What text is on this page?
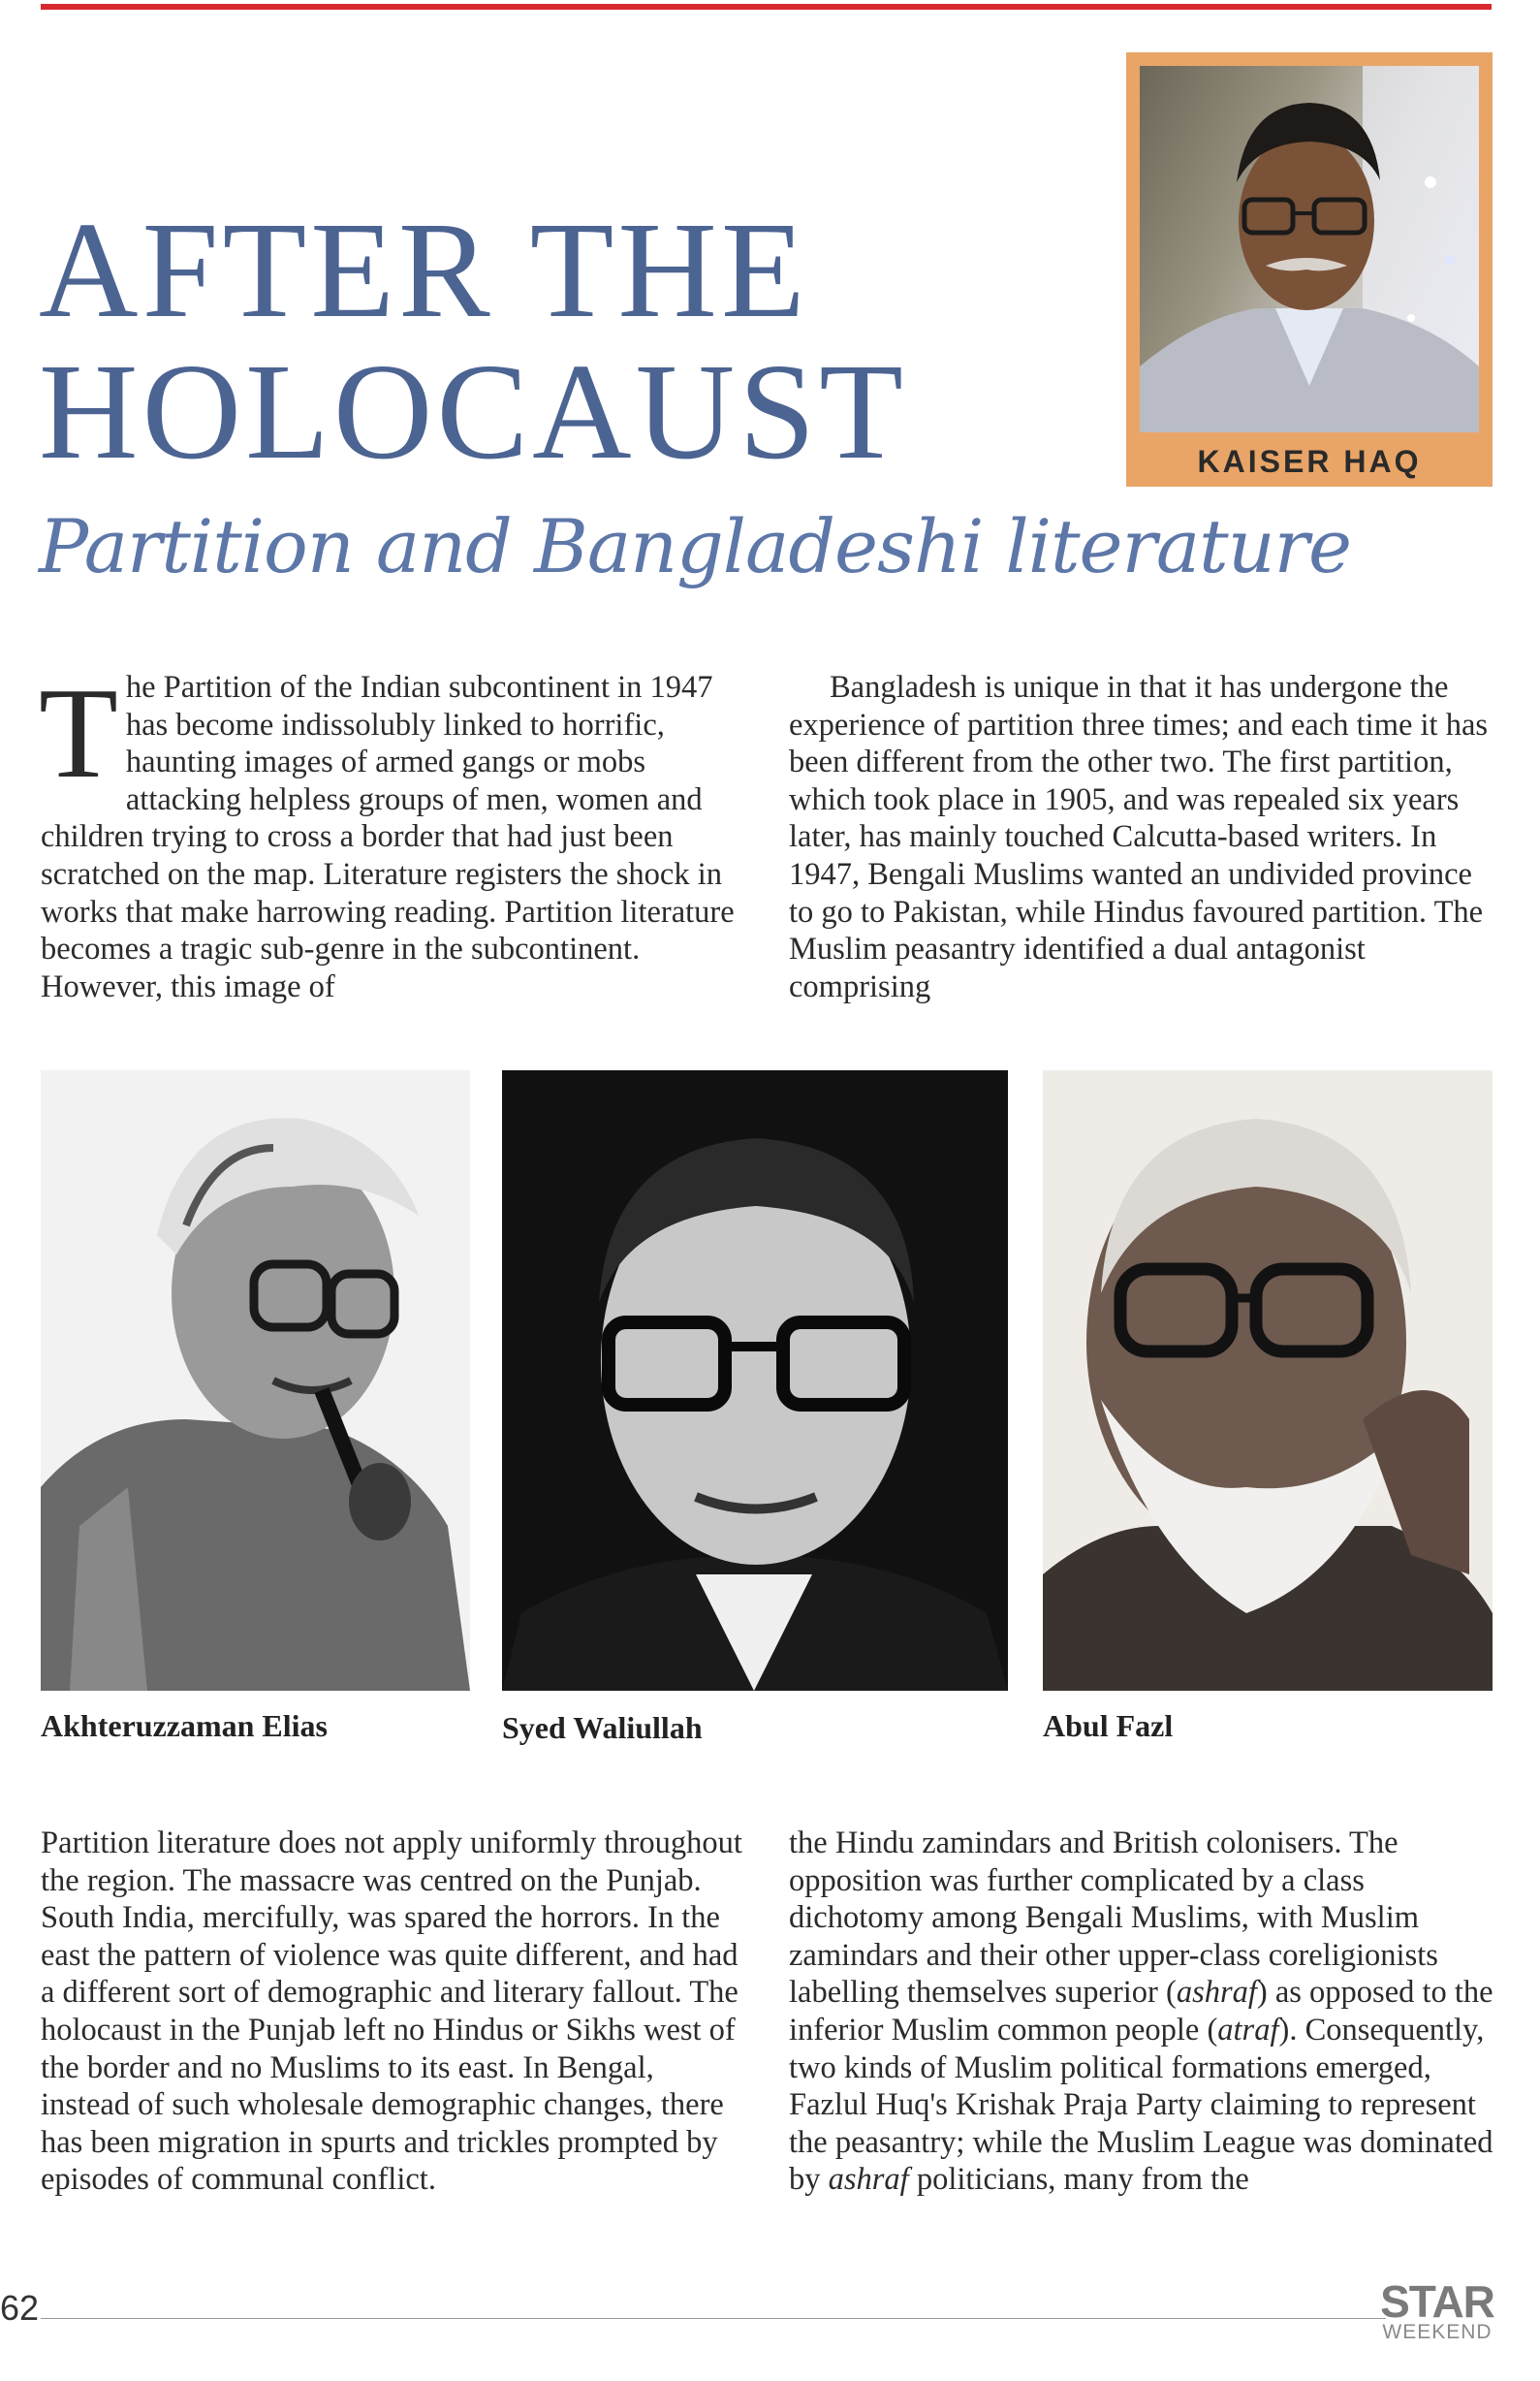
AFTER THE HOLOCAUST
Partition and Bangladeshi literature
KAISER HAQ

The Partition of the Indian subcontinent in 1947 has become indissolubly linked to horrific, haunting images of armed gangs or mobs attacking helpless groups of men, women and children trying to cross a border that had just been scratched on the map. Literature registers the shock in works that make harrowing reading. Partition literature becomes a tragic sub-genre in the subcontinent. However, this image of

Bangladesh is unique in that it has undergone the experience of partition three times; and each time it has been different from the other two. The first partition, which took place in 1905, and was repealed six years later, has mainly touched Calcutta-based writers. In 1947, Bengali Muslims wanted an undivided province to go to Pakistan, while Hindus favoured partition. The Muslim peasantry identified a dual antagonist comprising

Akhteruzzaman Elias	Syed Waliullah	Abul Fazl

Partition literature does not apply uniformly throughout the region. The massacre was centred on the Punjab. South India, mercifully, was spared the horrors. In the east the pattern of violence was quite different, and had a different sort of demographic and literary fallout. The holocaust in the Punjab left no Hindus or Sikhs west of the border and no Muslims to its east. In Bengal, instead of such wholesale demographic changes, there has been migration in spurts and trickles prompted by episodes of communal conflict.

the Hindu zamindars and British colonisers. The opposition was further complicated by a class dichotomy among Bengali Muslims, with Muslim zamindars and their other upper-class coreligionists labelling themselves superior (ashraf) as opposed to the inferior Muslim common people (atraf). Consequently, two kinds of Muslim political formations emerged, Fazlul Huq's Krishak Praja Party claiming to represent the peasantry; while the Muslim League was dominated by ashraf politicians, many from the

62	STAR
WEEKEND
